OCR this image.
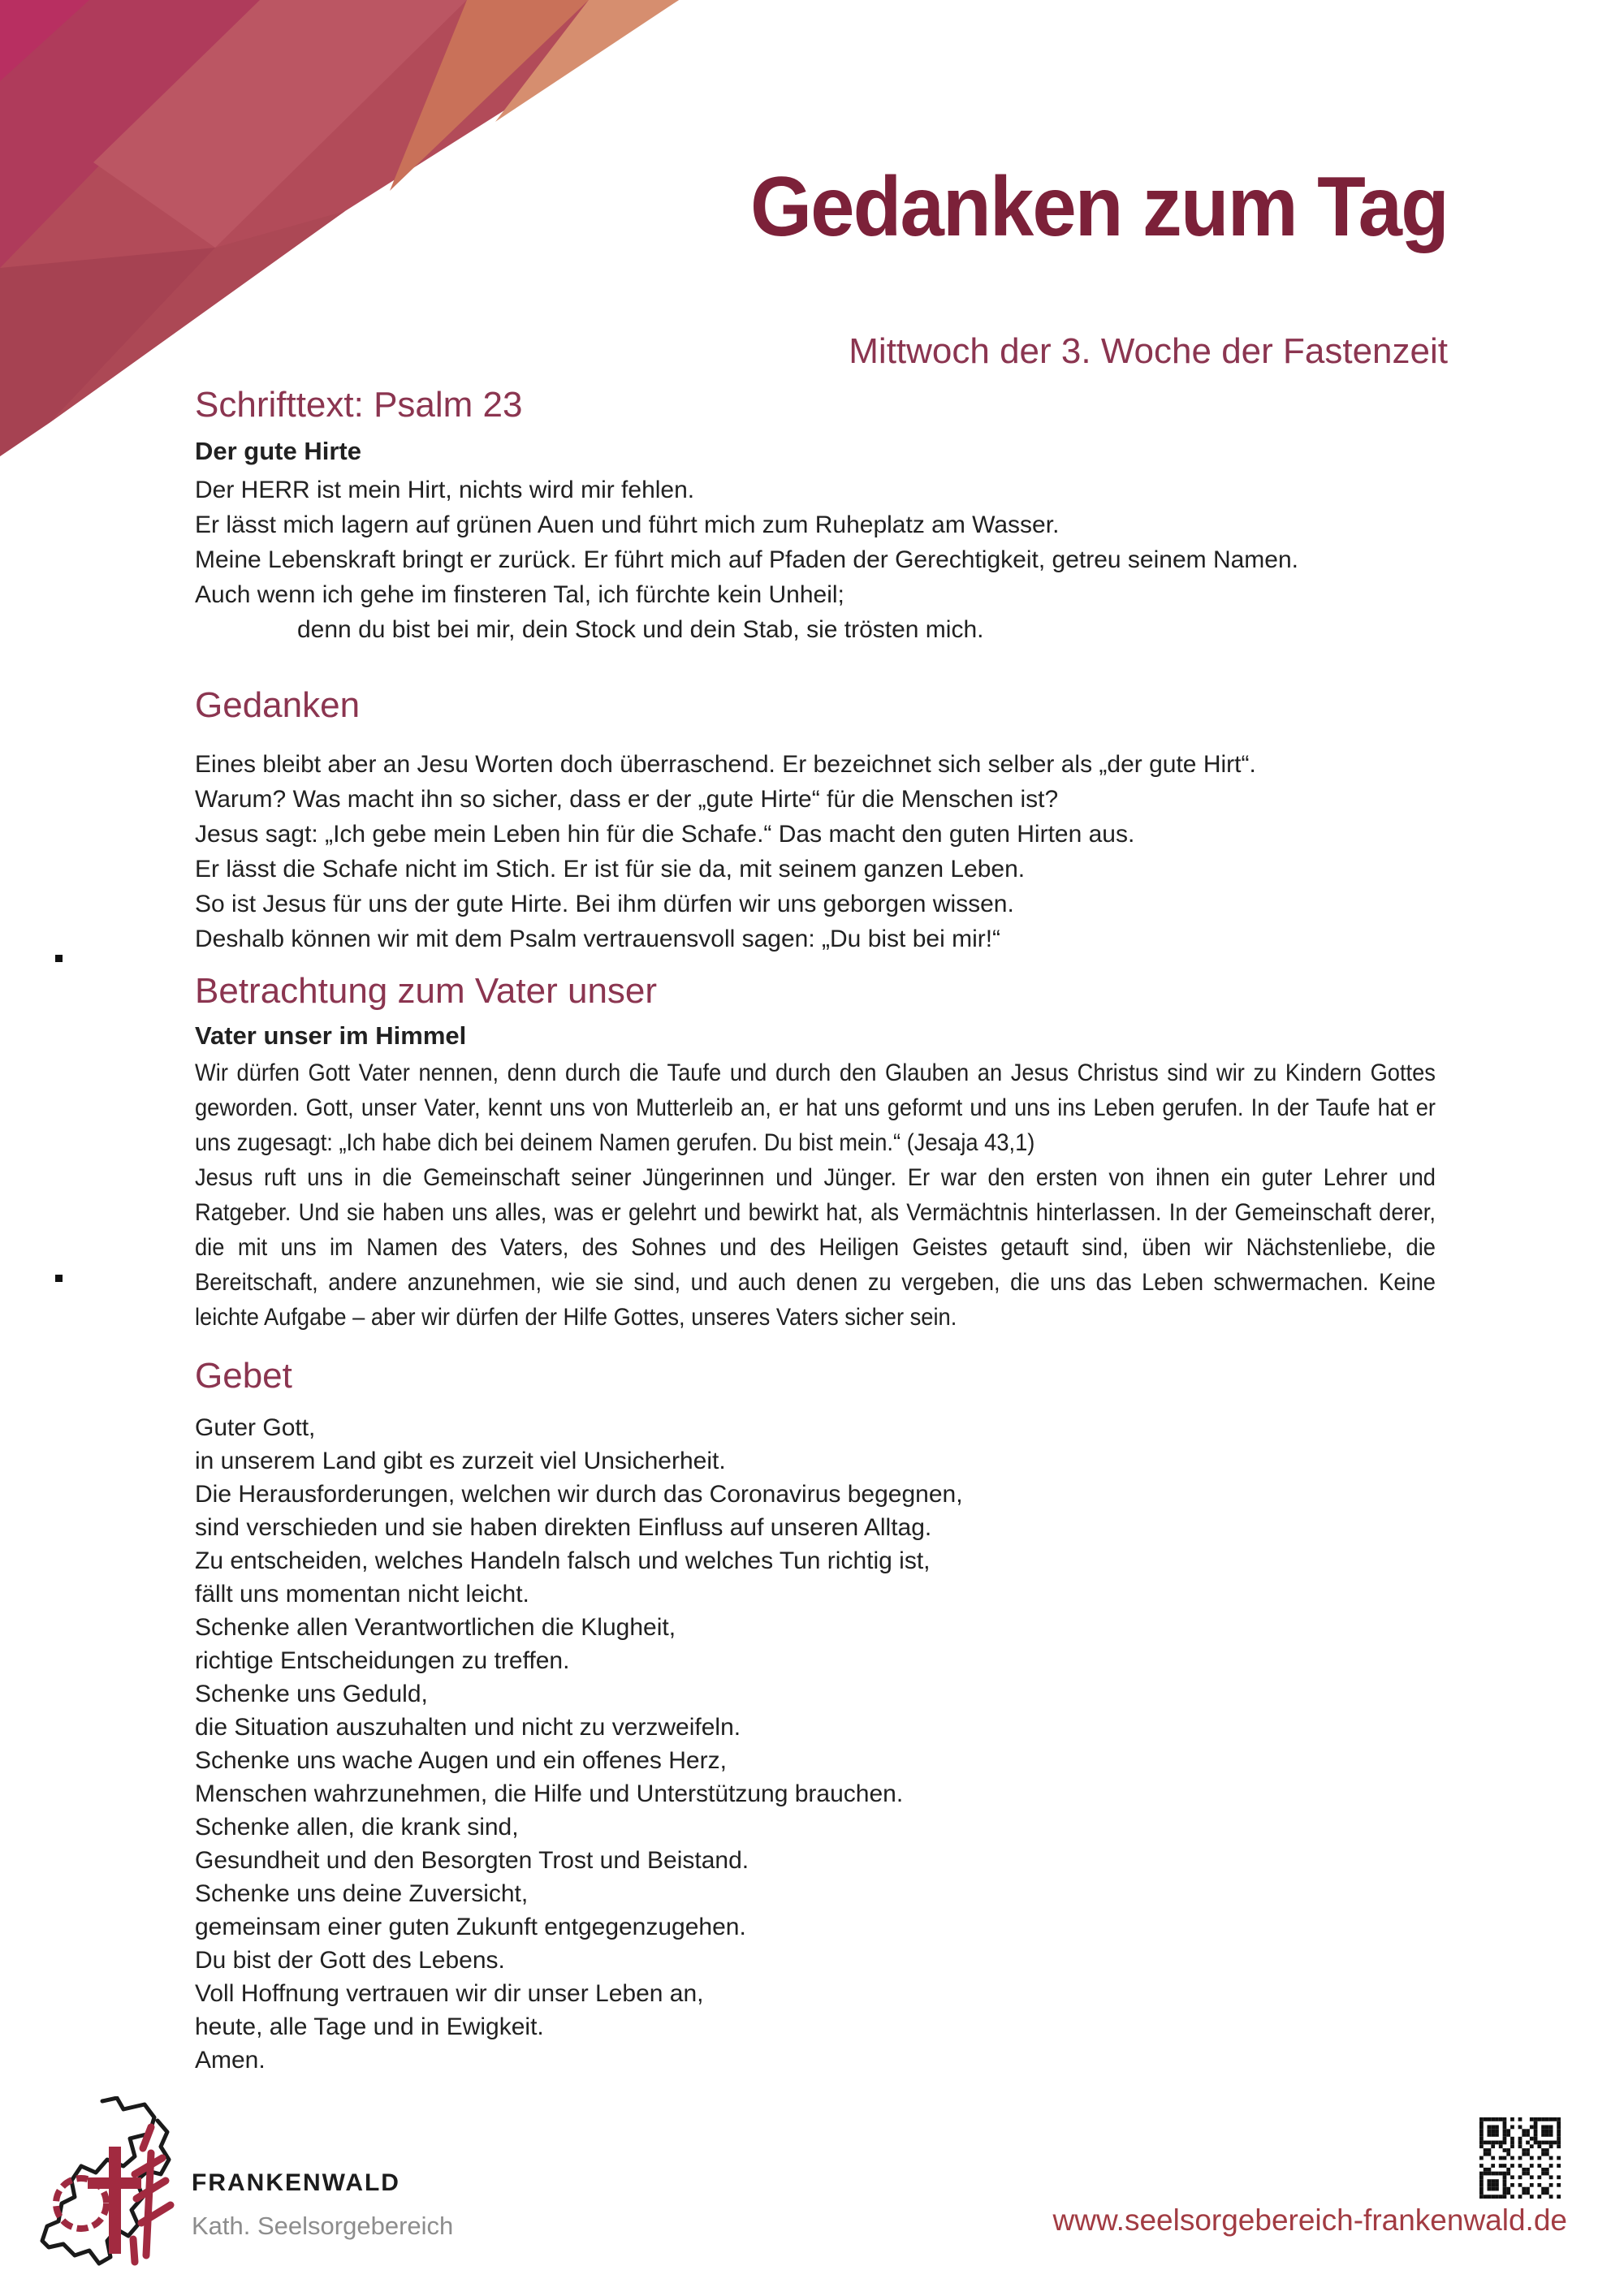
Gedanken zum Tag
Mittwoch der 3. Woche der Fastenzeit
Schrifttext: Psalm 23
Der gute Hirte
Der HERR ist mein Hirt, nichts wird mir fehlen.
Er lässt mich lagern auf grünen Auen und führt mich zum Ruheplatz am Wasser.
Meine Lebenskraft bringt er zurück. Er führt mich auf Pfaden der Gerechtigkeit, getreu seinem Namen.
Auch wenn ich gehe im finsteren Tal, ich fürchte kein Unheil;
denn du bist bei mir, dein Stock und dein Stab, sie trösten mich.
Gedanken
Eines bleibt aber an Jesu Worten doch überraschend. Er bezeichnet sich selber als „der gute Hirt“.
Warum? Was macht ihn so sicher, dass er der „gute Hirte“ für die Menschen ist?
Jesus sagt: „Ich gebe mein Leben hin für die Schafe.“ Das macht den guten Hirten aus.
Er lässt die Schafe nicht im Stich. Er ist für sie da, mit seinem ganzen Leben.
So ist Jesus für uns der gute Hirte. Bei ihm dürfen wir uns geborgen wissen.
Deshalb können wir mit dem Psalm vertrauensvoll sagen: „Du bist bei mir!“
Betrachtung zum Vater unser
Vater unser im Himmel

Wir dürfen Gott Vater nennen, denn durch die Taufe und durch den Glauben an Jesus Christus sind wir zu Kindern Gottes geworden. Gott, unser Vater, kennt uns von Mutterleib an, er hat uns geformt und uns ins Leben gerufen. In der Taufe hat er uns zugesagt: „Ich habe dich bei deinem Namen gerufen. Du bist mein.“ (Jesaja 43,1)

Jesus ruft uns in die Gemeinschaft seiner Jüngerinnen und Jünger. Er war den ersten von ihnen ein guter Lehrer und Ratgeber. Und sie haben uns alles, was er gelehrt und bewirkt hat, als Vermächtnis hinterlassen. In der Gemeinschaft derer, die mit uns im Namen des Vaters, des Sohnes und des Heiligen Geistes getauft sind, üben wir Nächstenliebe, die Bereitschaft, andere anzunehmen, wie sie sind, und auch denen zu vergeben, die uns das Leben schwermachen. Keine leichte Aufgabe – aber wir dürfen der Hilfe Gottes, unseres Vaters sicher sein.

Gebet
Guter Gott,
in unserem Land gibt es zurzeit viel Unsicherheit.
Die Herausforderungen, welchen wir durch das Coronavirus begegnen,
sind verschieden und sie haben direkten Einfluss auf unseren Alltag.
Zu entscheiden, welches Handeln falsch und welches Tun richtig ist,
fällt uns momentan nicht leicht.
Schenke allen Verantwortlichen die Klugheit,
richtige Entscheidungen zu treffen.
Schenke uns Geduld,
die Situation auszuhalten und nicht zu verzweifeln.
Schenke uns wache Augen und ein offenes Herz,
Menschen wahrzunehmen, die Hilfe und Unterstützung brauchen.
Schenke allen, die krank sind,
Gesundheit und den Besorgten Trost und Beistand.
Schenke uns deine Zuversicht,
gemeinsam einer guten Zukunft entgegenzugehen.
Du bist der Gott des Lebens.
Voll Hoffnung vertrauen wir dir unser Leben an,
heute, alle Tage und in Ewigkeit.
Amen.
FRANKENWALD
Kath. Seelsorgebereich	www.seelsorgebereich-frankenwald.de
